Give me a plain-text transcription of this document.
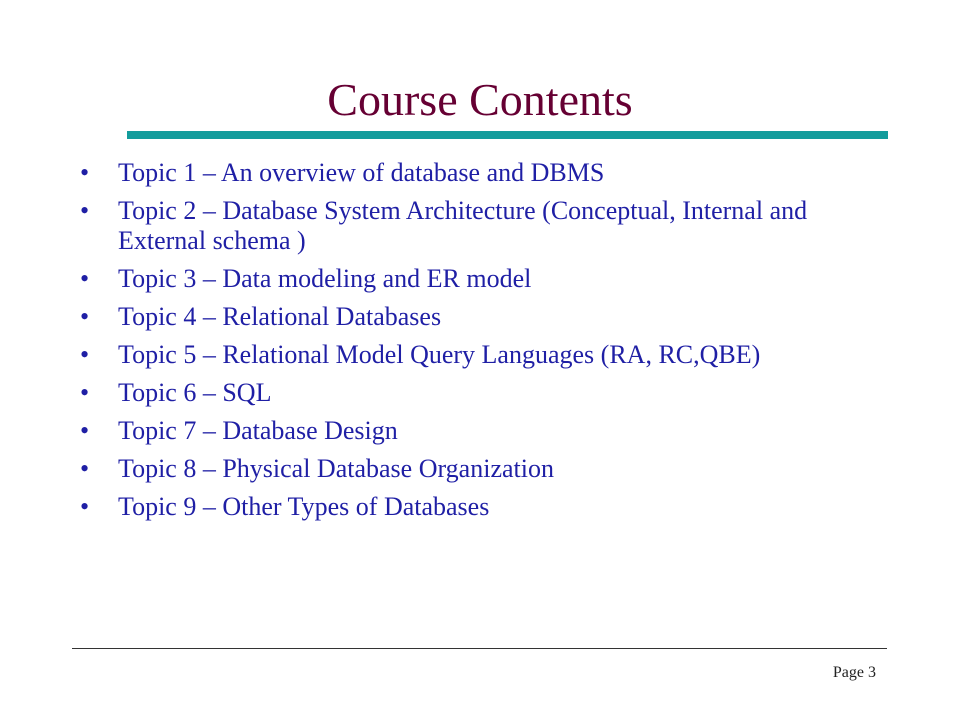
Course Contents
• Topic 1 – An overview of database and DBMS
• Topic 2 – Database System Architecture (Conceptual, Internal and External schema )
• Topic 3 – Data modeling and ER model
• Topic 4 – Relational Databases
• Topic 5 – Relational Model Query Languages (RA, RC,QBE)
• Topic 6 – SQL
• Topic 7 – Database Design
• Topic 8 – Physical Database Organization
• Topic 9 – Other Types of Databases
Page 3
